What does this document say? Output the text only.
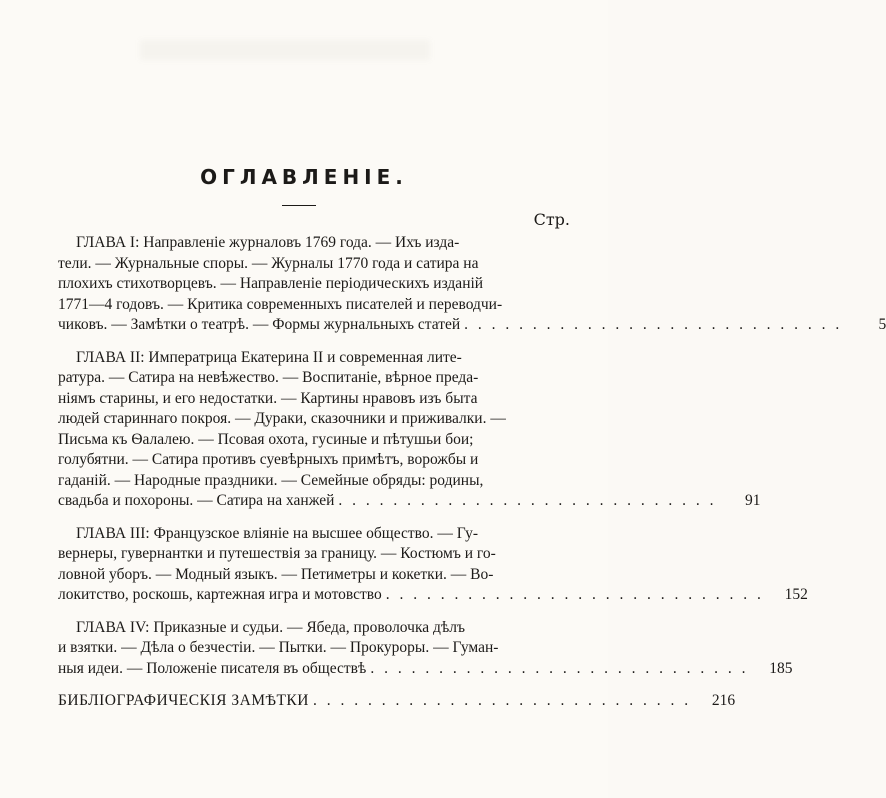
ОГЛАВЛЕНIЕ.
Стр.
ГЛАВА I: Направленiе журналовъ 1769 года. — Ихъ изда-
тели. — Журнальные споры. — Журналы 1770 года и сатира на
плохихъ стихотворцевъ. — Направленiе перiодическихъ изданiй
1771—4 годовъ. — Критика современныхъ писателей и переводчи-
чиковъ. — Замѣтки о театрѣ. — Формы журнальныхъ статей . . . . . . . . . . . . . . . . . . . . . . . . . . . .	5
ГЛАВА II: Императрица Екатерина II и современная лите-
ратура. — Сатира на невѣжество. — Воспитанiе, вѣрное преда-
нiямъ старины, и его недостатки. — Картины нравовъ изъ быта
людей стариннаго покроя. — Дураки, сказочники и приживалки. —
Письма къ Ѳалалею. — Псовая охота, гусиные и пѣтушьи бои;
голубятни. — Сатира противъ суевѣрныхъ примѣтъ, ворожбы и
гаданiй. — Народные праздники. — Семейные обряды: родины,
свадьба и похороны. — Сатира на ханжей . . . . . . . . . . . . . . . . . . . . . . . . . . . .	91
ГЛАВА III: Французское влiянiе на высшее общество. — Гу-
вернеры, гувернантки и путешествiя за границу. — Костюмъ и го-
ловной уборъ. — Модный языкъ. — Петиметры и кокетки. — Во-
локитство, роскошь, картежная игра и мотовство . . . . . . . . . . . . . . . . . . . . . . . . . . . .	152
ГЛАВА IV: Приказные и судьи. — Ябеда, проволочка дѣлъ
и взятки. — Дѣла о безчестiи. — Пытки. — Прокуроры. — Гуман-
ныя идеи. — Положенiе писателя въ обществѣ . . . . . . . . . . . . . . . . . . . . . . . . . . . .	185
БИБЛIОГРАФИЧЕСКIЯ ЗАМѢТКИ . . . . . . . . . . . . . . . . . . . . . . . . . . . .	216
